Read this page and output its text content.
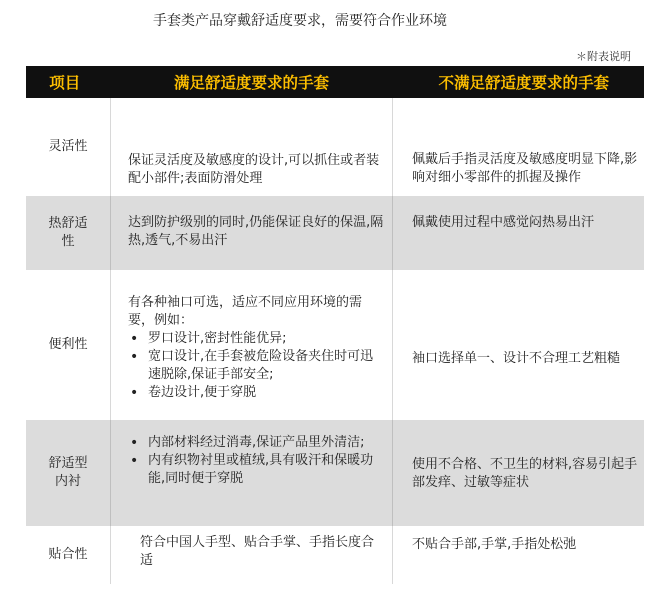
手套类产品穿戴舒适度要求，需要符合作业环境
＊附表说明
项目	满足舒适度要求的手套	不满足舒适度要求的手套
灵活性
保证灵活度及敏感度的设计,可以抓住或者装配小部件;表面防滑处理
佩戴后手指灵活度及敏感度明显下降,影响对细小零部件的抓握及操作
热舒适性
达到防护级别的同时,仍能保证良好的保温,隔热,透气,不易出汗
佩戴使用过程中感觉闷热易出汗
便利性
有各种袖口可选，适应不同应用环境的需要，例如：
• 罗口设计,密封性能优异;
• 宽口设计,在手套被危险设备夹住时可迅速脱除,保证手部安全;
• 卷边设计,便于穿脱
袖口选择单一、设计不合理工艺粗糙
舒适型内衬
• 内部材料经过消毒,保证产品里外清洁;
• 内有织物衬里或植绒,具有吸汗和保暖功能,同时便于穿脱
使用不合格、不卫生的材料,容易引起手部发痒、过敏等症状
贴合性
符合中国人手型、贴合手掌、手指长度合适
不贴合手部,手掌,手指处松弛
